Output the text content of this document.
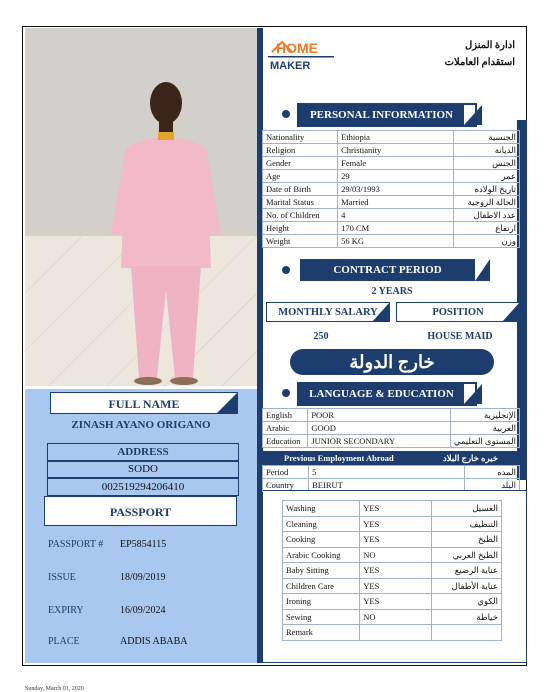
FULL NAME
ZINASH AYANO ORIGANO
ADDRESS
SODO
002519294206410
PASSPORT
PASSPORT # EP5854115
ISSUE	18/09/2019
EXPIRY	16/09/2024
PLACE	ADDIS ABABA
HOME
MAKER
ادارة المنزل
استقدام العاملات
PERSONAL INFORMATION
Nationality	Ethiopia	الجنسية
Religion	Christianity	الديانة
Gender	Female	الجنس
Age	29	عمر
Date of Birth	29/03/1993	تاريخ الولادة
Marital Status	Married	الحالة الزوجية
No. of Children	4	عدد الاطفال
Height	170 CM	ارتفاع
Weight	56 KG	وزن
CONTRACT PERIOD
2 YEARS
MONTHLY SALARY	POSITION
250	HOUSE MAID
خارج الدولة
LANGUAGE & EDUCATION
English	POOR	الإنجليزية
Arabic	GOOD	العربية
Education	JUNIOR SECONDARY	المستوى التعليمي
Previous Employment Abroad	خبره خارج البلاد
Period	5	المده
Country	BEIRUT	البلد
Washing	YES	الغسيل
Cleaning	YES	التنظيف
Cooking	YES	الطبخ
Arabic Cooking	NO	الطبخ العربي
Baby Sitting	YES	عناية الرضيع
Children Care	YES	عناية الأطفال
Ironing	YES	الكوي
Sewing	NO	خياطة
Remark		
Sunday, March 01, 2020
